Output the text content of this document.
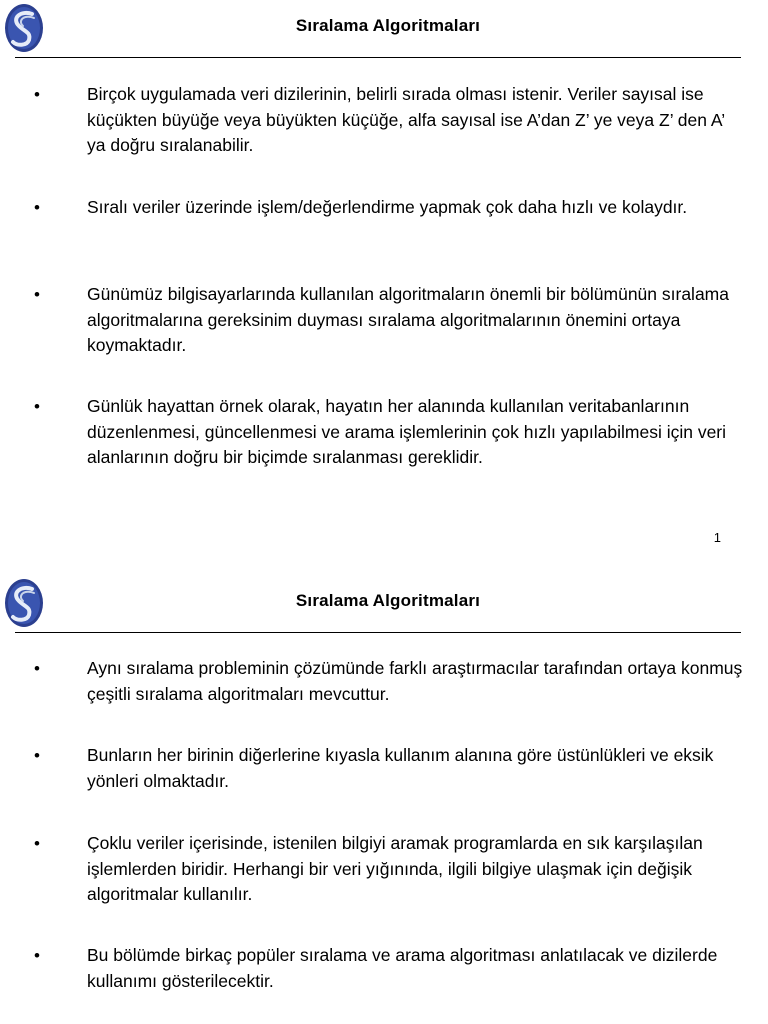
Sıralama Algoritmaları
•	Birçok uygulamada veri dizilerinin, belirli sırada olması istenir. Veriler sayısal ise küçükten büyüğe veya büyükten küçüğe, alfa sayısal ise A’dan Z’ ye veya Z’ den A’ ya doğru sıralanabilir.
•	Sıralı veriler üzerinde işlem/değerlendirme yapmak çok daha hızlı ve kolaydır.
•	Günümüz bilgisayarlarında kullanılan algoritmaların önemli bir bölümünün sıralama algoritmalarına gereksinim duyması sıralama algoritmalarının önemini ortaya koymaktadır.
•	Günlük hayattan örnek olarak, hayatın her alanında kullanılan veritabanlarının düzenlenmesi, güncellenmesi ve arama işlemlerinin çok hızlı yapılabilmesi için veri alanlarının doğru bir biçimde sıralanması gereklidir.
1
Sıralama Algoritmaları
•	Aynı sıralama probleminin çözümünde farklı araştırmacılar tarafından ortaya konmuş çeşitli sıralama algoritmaları mevcuttur.
•	Bunların her birinin diğerlerine kıyasla kullanım alanına göre üstünlükleri ve eksik yönleri olmaktadır.
•	Çoklu veriler içerisinde, istenilen bilgiyi aramak programlarda en sık karşılaşılan işlemlerden biridir. Herhangi bir veri yığınında, ilgili bilgiye ulaşmak için değişik algoritmalar kullanılır.
•	Bu bölümde birkaç popüler sıralama ve arama algoritması anlatılacak ve dizilerde kullanımı gösterilecektir.
